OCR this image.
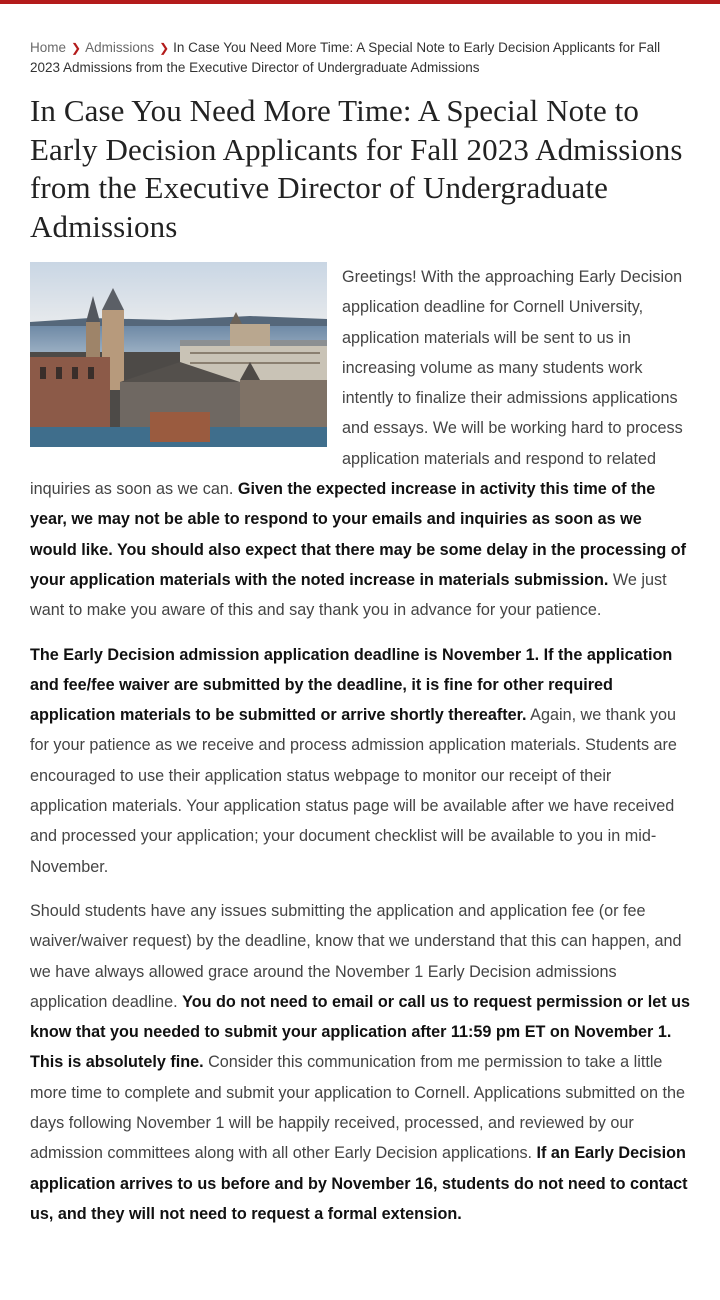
Home ❯ Admissions ❯ In Case You Need More Time: A Special Note to Early Decision Applicants for Fall 2023 Admissions from the Executive Director of Undergraduate Admissions
In Case You Need More Time: A Special Note to Early Decision Applicants for Fall 2023 Admissions from the Executive Director of Undergraduate Admissions

Greetings! With the approaching Early Decision application deadline for Cornell University, application materials will be sent to us in increasing volume as many students work intently to finalize their admissions applications and essays. We will be working hard to process application materials and respond to related inquiries as soon as we can. Given the expected increase in activity this time of the year, we may not be able to respond to your emails and inquiries as soon as we would like. You should also expect that there may be some delay in the processing of your application materials with the noted increase in materials submission. We just want to make you aware of this and say thank you in advance for your patience.

The Early Decision admission application deadline is November 1. If the application and fee/fee waiver are submitted by the deadline, it is fine for other required application materials to be submitted or arrive shortly thereafter. Again, we thank you for your patience as we receive and process admission application materials. Students are encouraged to use their application status webpage to monitor our receipt of their application materials. Your application status page will be available after we have received and processed your application; your document checklist will be available to you in mid-November.

Should students have any issues submitting the application and application fee (or fee waiver/waiver request) by the deadline, know that we understand that this can happen, and we have always allowed grace around the November 1 Early Decision admissions application deadline. You do not need to email or call us to request permission or let us know that you needed to submit your application after 11:59 pm ET on November 1. This is absolutely fine. Consider this communication from me permission to take a little more time to complete and submit your application to Cornell. Applications submitted on the days following November 1 will be happily received, processed, and reviewed by our admission committees along with all other Early Decision applications. If an Early Decision application arrives to us before and by November 16, students do not need to contact us, and they will not need to request a formal extension.
